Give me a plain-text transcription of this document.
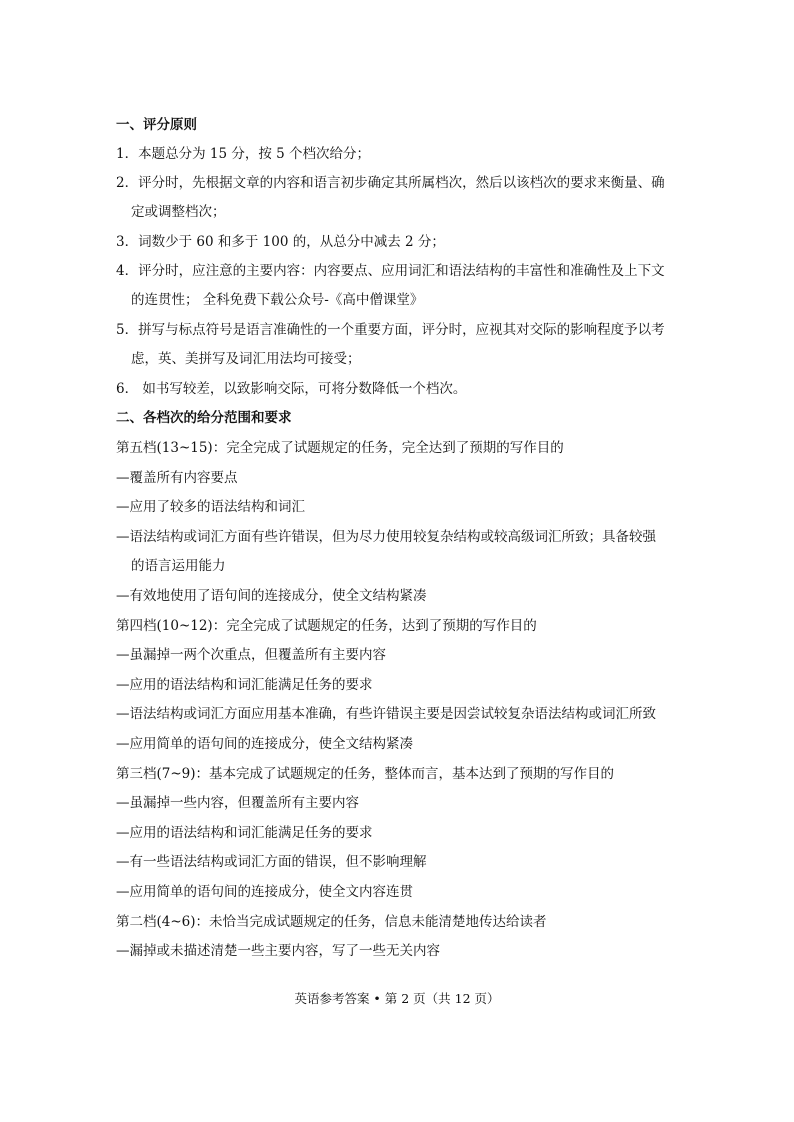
一、评分原则
1．本题总分为 15 分，按 5 个档次给分；
2．评分时，先根据文章的内容和语言初步确定其所属档次，然后以该档次的要求来衡量、确
定或调整档次；
3．词数少于 60 和多于 100 的，从总分中减去 2 分；
4．评分时，应注意的主要内容：内容要点、应用词汇和语法结构的丰富性和准确性及上下文
的连贯性； 全科免费下载公众号-《高中僧课堂》
5．拼写与标点符号是语言准确性的一个重要方面，评分时，应视其对交际的影响程度予以考
虑，英、美拼写及词汇用法均可接受；
6． 如书写较差，以致影响交际，可将分数降低一个档次。
二、各档次的给分范围和要求
第五档(13~15)：完全完成了试题规定的任务，完全达到了预期的写作目的
—覆盖所有内容要点
—应用了较多的语法结构和词汇
—语法结构或词汇方面有些许错误，但为尽力使用较复杂结构或较高级词汇所致；具备较强
的语言运用能力
—有效地使用了语句间的连接成分，使全文结构紧凑
第四档(10~12)：完全完成了试题规定的任务，达到了预期的写作目的
—虽漏掉一两个次重点，但覆盖所有主要内容
—应用的语法结构和词汇能满足任务的要求
—语法结构或词汇方面应用基本准确，有些许错误主要是因尝试较复杂语法结构或词汇所致
—应用简单的语句间的连接成分，使全文结构紧凑
第三档(7~9)：基本完成了试题规定的任务，整体而言，基本达到了预期的写作目的
—虽漏掉一些内容，但覆盖所有主要内容
—应用的语法结构和词汇能满足任务的要求
—有一些语法结构或词汇方面的错误，但不影响理解
—应用简单的语句间的连接成分，使全文内容连贯
第二档(4~6)：未恰当完成试题规定的任务，信息未能清楚地传达给读者
—漏掉或未描述清楚一些主要内容，写了一些无关内容
英语参考答案 • 第 2 页（共 12 页）
